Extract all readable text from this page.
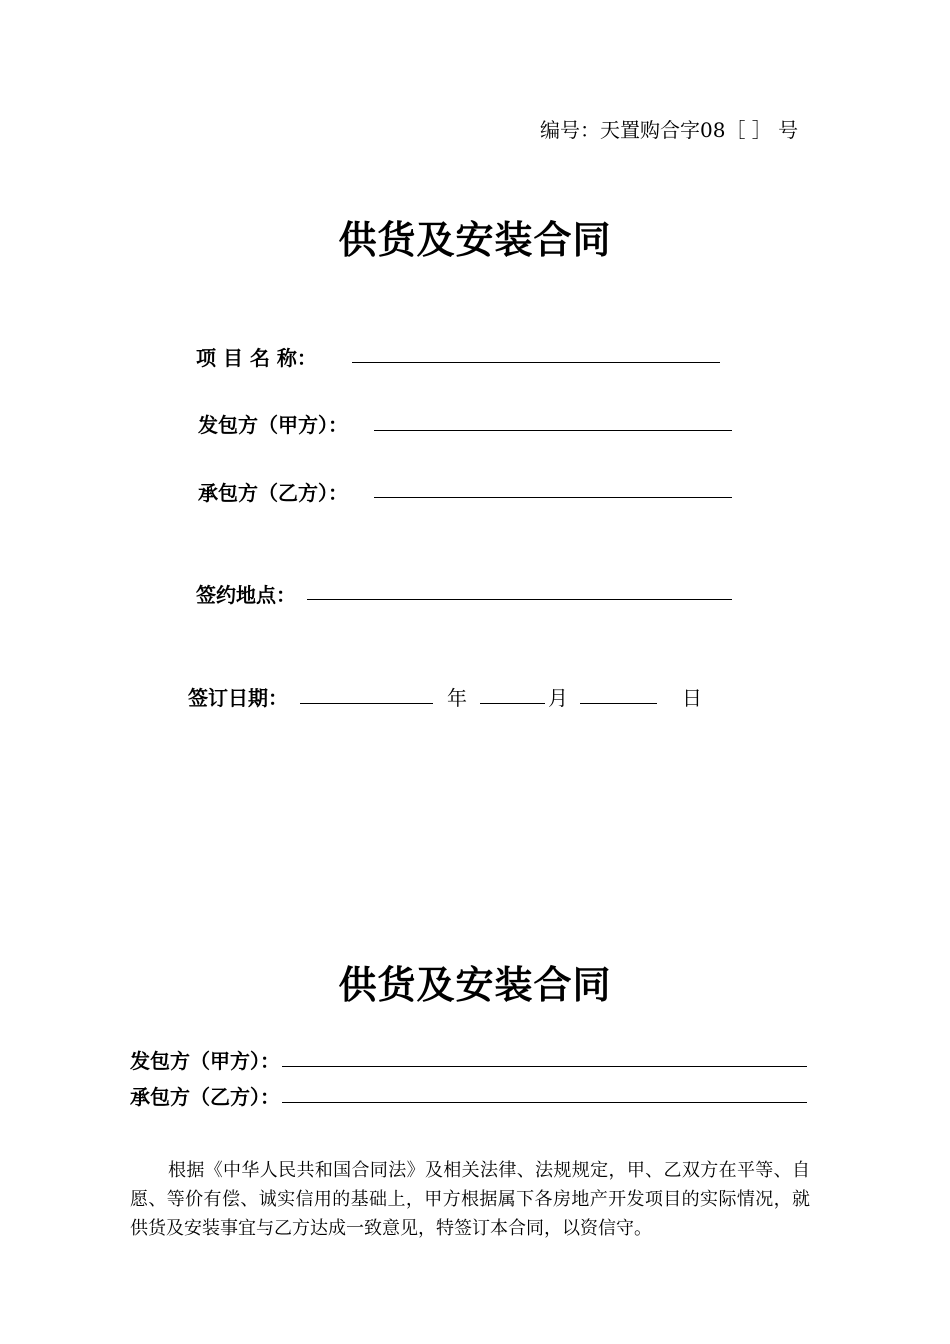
编号：天置购合字08［ ］ 号
供货及安装合同
项 目 名 称：
发包方（甲方）：
承包方（乙方）：
签约地点：
签订日期：	年	月	日
供货及安装合同
发包方（甲方）：
承包方（乙方）：

根据《中华人民共和国合同法》及相关法律、法规规定，甲、乙双方在平等、自愿、等价有偿、诚实信用的基础上，甲方根据属下各房地产开发项目的实际情况，就供货及安装事宜与乙方达成一致意见，特签订本合同，以资信守。
